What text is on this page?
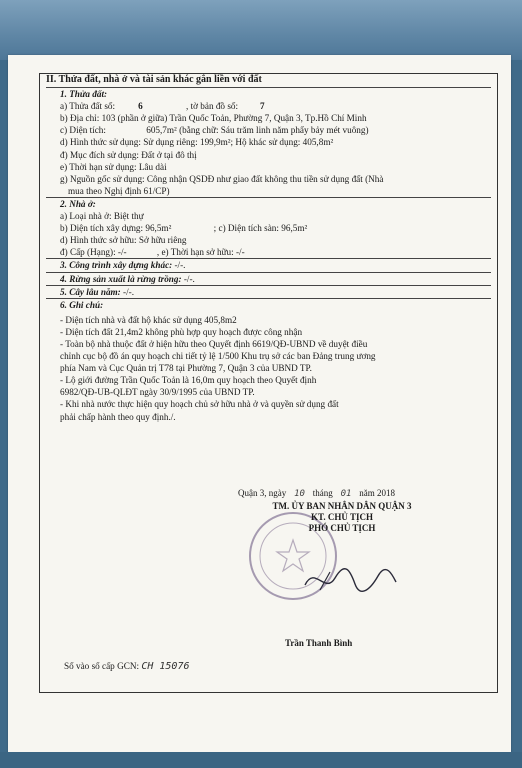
II. Thửa đất, nhà ở và tài sản khác gắn liền với đất
1. Thửa đất:
a) Thửa đất số:	6	, tờ bản đồ số: 7
b) Địa chỉ: 103 (phần ở giữa) Trần Quốc Toản, Phường 7, Quận 3, Tp.Hồ Chí Minh
c) Diện tích:	605,7m² (bằng chữ: Sáu trăm linh năm phẩy bảy mét vuông)
d) Hình thức sử dụng: Sử dụng riêng: 199,9m²; Hộ khác sử dụng: 405,8m²
đ) Mục đích sử dụng: Đất ở tại đô thị
e) Thời hạn sử dụng: Lâu dài
g) Nguồn gốc sử dụng: Công nhận QSDĐ như giao đất không thu tiền sử dụng đất (Nhà
mua theo Nghị định 61/CP)
2. Nhà ở:
a) Loại nhà ở: Biệt thự
b) Diện tích xây dựng: 96,5m²	; c) Diện tích sàn: 96,5m²
d) Hình thức sở hữu: Sở hữu riêng
đ) Cấp (Hạng): -/-	, e) Thời hạn sở hữu: -/-
3. Công trình xây dựng khác: -/-.
4. Rừng sản xuất là rừng trồng: -/-.
5. Cây lâu năm: -/-.
6. Ghi chú:
- Diện tích nhà và đất hộ khác sử dụng 405,8m2
- Diện tích đất 21,4m2 không phù hợp quy hoạch được công nhận
- Toàn bộ nhà thuộc đất ở hiện hữu theo Quyết định 6619/QĐ-UBND về duyệt điều
chỉnh cục bộ đồ án quy hoạch chi tiết tỷ lệ 1/500 Khu trụ sở các ban Đảng trung ương
phía Nam và Cục Quản trị T78 tại Phường 7, Quận 3 của UBND TP.
- Lộ giới đường Trần Quốc Toản là 16,0m quy hoạch theo Quyết định
6982/QĐ-UB-QLĐT ngày 30/9/1995 của UBND TP.
- Khi nhà nước thực hiện quy hoạch chủ sở hữu nhà ở và quyền sử dụng đất
phải chấp hành theo quy định./.
Quận 3, ngày 10 tháng 01 năm 2018
TM. ỦY BAN NHÂN DÂN QUẬN 3
KT. CHỦ TỊCH
PHÓ CHỦ TỊCH
Trần Thanh Bình
Số vào sổ cấp GCN: CH 15076
